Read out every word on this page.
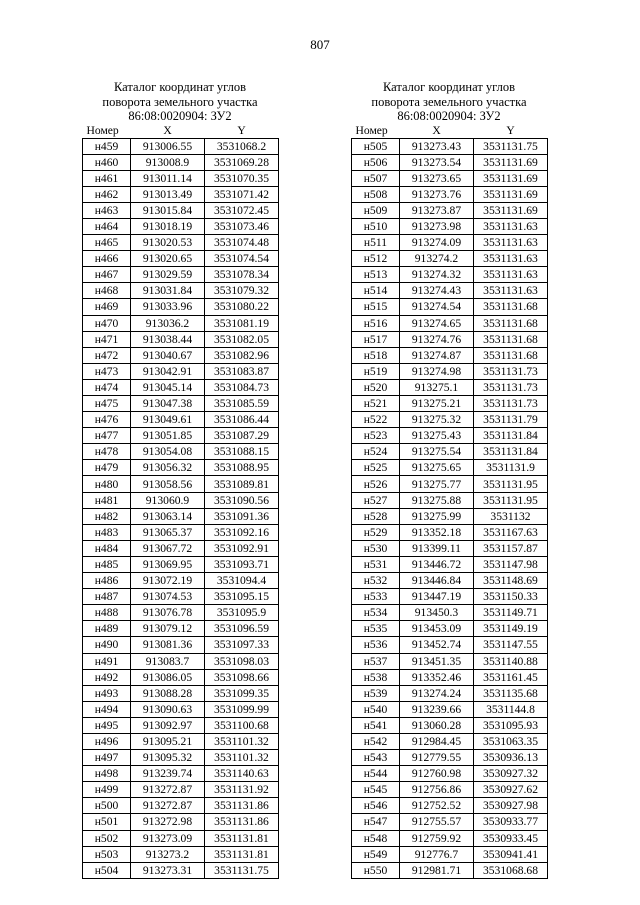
807
Каталог координат углов
поворота земельного участка
86:08:0020904: ЗУ2
Номер	X	Y
н459	913006.55	3531068.2
н460	913008.9	3531069.28
н461	913011.14	3531070.35
н462	913013.49	3531071.42
н463	913015.84	3531072.45
н464	913018.19	3531073.46
н465	913020.53	3531074.48
н466	913020.65	3531074.54
н467	913029.59	3531078.34
н468	913031.84	3531079.32
н469	913033.96	3531080.22
н470	913036.2	3531081.19
н471	913038.44	3531082.05
н472	913040.67	3531082.96
н473	913042.91	3531083.87
н474	913045.14	3531084.73
н475	913047.38	3531085.59
н476	913049.61	3531086.44
н477	913051.85	3531087.29
н478	913054.08	3531088.15
н479	913056.32	3531088.95
н480	913058.56	3531089.81
н481	913060.9	3531090.56
н482	913063.14	3531091.36
н483	913065.37	3531092.16
н484	913067.72	3531092.91
н485	913069.95	3531093.71
н486	913072.19	3531094.4
н487	913074.53	3531095.15
н488	913076.78	3531095.9
н489	913079.12	3531096.59
н490	913081.36	3531097.33
н491	913083.7	3531098.03
н492	913086.05	3531098.66
н493	913088.28	3531099.35
н494	913090.63	3531099.99
н495	913092.97	3531100.68
н496	913095.21	3531101.32
н497	913095.32	3531101.32
н498	913239.74	3531140.63
н499	913272.87	3531131.92
н500	913272.87	3531131.86
н501	913272.98	3531131.86
н502	913273.09	3531131.81
н503	913273.2	3531131.81
н504	913273.31	3531131.75
Каталог координат углов
поворота земельного участка
86:08:0020904: ЗУ2
Номер	X	Y
н505	913273.43	3531131.75
н506	913273.54	3531131.69
н507	913273.65	3531131.69
н508	913273.76	3531131.69
н509	913273.87	3531131.69
н510	913273.98	3531131.63
н511	913274.09	3531131.63
н512	913274.2	3531131.63
н513	913274.32	3531131.63
н514	913274.43	3531131.63
н515	913274.54	3531131.68
н516	913274.65	3531131.68
н517	913274.76	3531131.68
н518	913274.87	3531131.68
н519	913274.98	3531131.73
н520	913275.1	3531131.73
н521	913275.21	3531131.73
н522	913275.32	3531131.79
н523	913275.43	3531131.84
н524	913275.54	3531131.84
н525	913275.65	3531131.9
н526	913275.77	3531131.95
н527	913275.88	3531131.95
н528	913275.99	3531132
н529	913352.18	3531167.63
н530	913399.11	3531157.87
н531	913446.72	3531147.98
н532	913446.84	3531148.69
н533	913447.19	3531150.33
н534	913450.3	3531149.71
н535	913453.09	3531149.19
н536	913452.74	3531147.55
н537	913451.35	3531140.88
н538	913352.46	3531161.45
н539	913274.24	3531135.68
н540	913239.66	3531144.8
н541	913060.28	3531095.93
н542	912984.45	3531063.35
н543	912779.55	3530936.13
н544	912760.98	3530927.32
н545	912756.86	3530927.62
н546	912752.52	3530927.98
н547	912755.57	3530933.77
н548	912759.92	3530933.45
н549	912776.7	3530941.41
н550	912981.71	3531068.68
